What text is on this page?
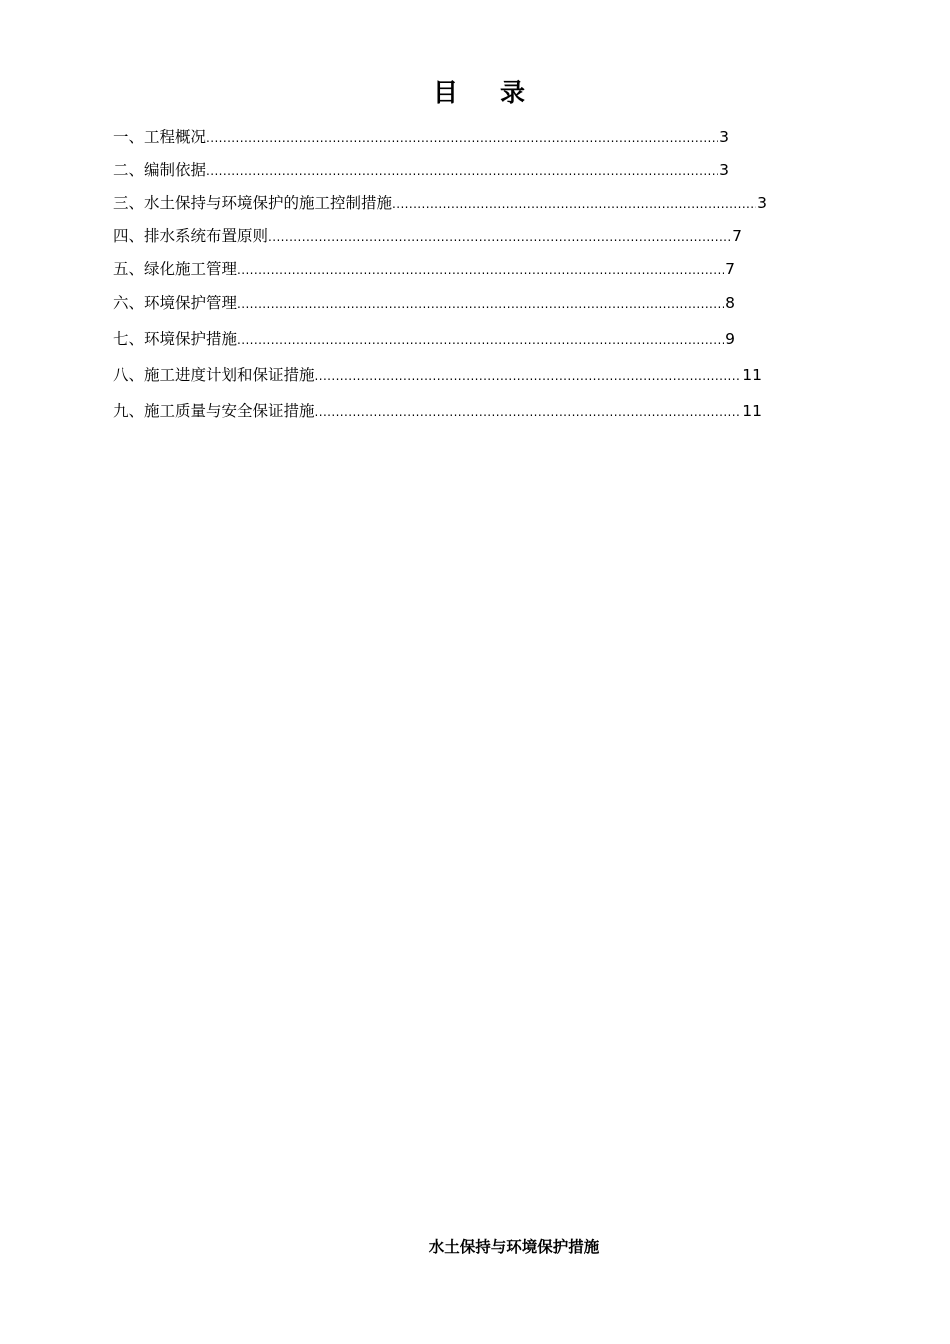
目录
一、工程概况 .....	3
二、编制依据 .....	3
三、水土保持与环境保护的施工控制措施 .....	3
四、排水系统布置原则 .....	7
五、绿化施工管理 .....	7
六、环境保护管理 .....	8
七、环境保护措施 .....	9
八、施工进度计划和保证措施 .....	11
九、施工质量与安全保证措施 .....	11
水土保持与环境保护措施
